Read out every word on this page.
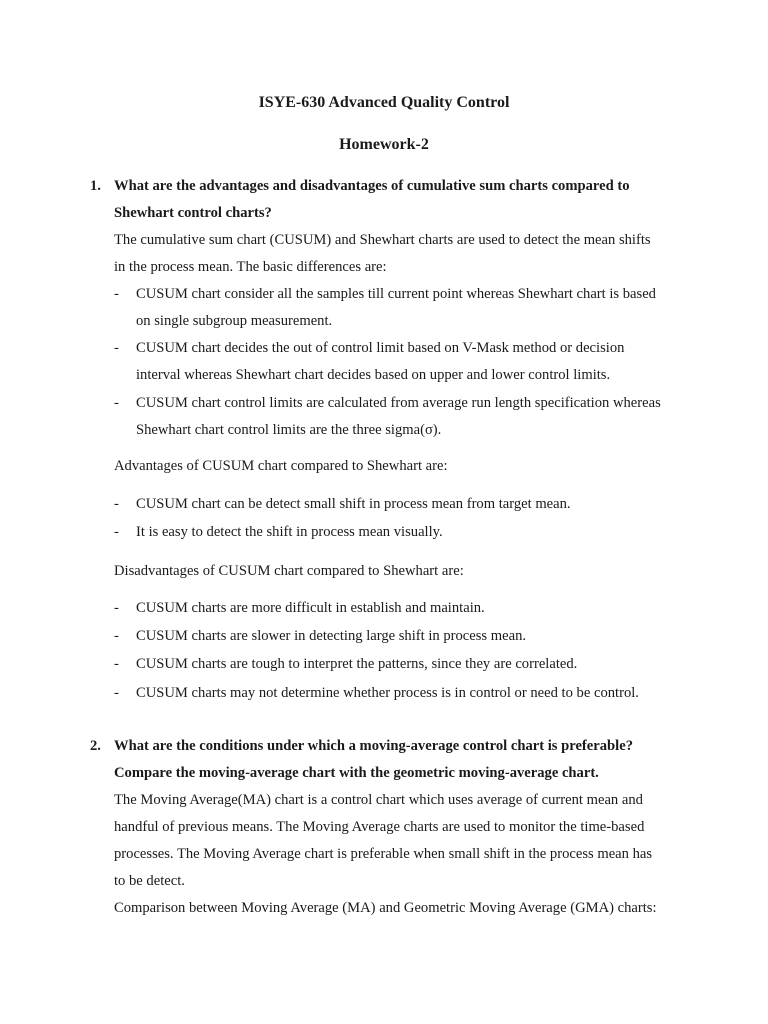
ISYE-630 Advanced Quality Control
Homework-2
1. What are the advantages and disadvantages of cumulative sum charts compared to
Shewhart control charts?
The cumulative sum chart (CUSUM) and Shewhart charts are used to detect the mean shifts
in the process mean. The basic differences are:
- CUSUM chart consider all the samples till current point whereas Shewhart chart is based
on single subgroup measurement.
- CUSUM chart decides the out of control limit based on V-Mask method or decision
interval whereas Shewhart chart decides based on upper and lower control limits.
- CUSUM chart control limits are calculated from average run length specification whereas
Shewhart chart control limits are the three sigma(σ).
Advantages of CUSUM chart compared to Shewhart are:
- CUSUM chart can be detect small shift in process mean from target mean.
- It is easy to detect the shift in process mean visually.
Disadvantages of CUSUM chart compared to Shewhart are:
- CUSUM charts are more difficult in establish and maintain.
- CUSUM charts are slower in detecting large shift in process mean.
- CUSUM charts are tough to interpret the patterns, since they are correlated.
- CUSUM charts may not determine whether process is in control or need to be control.
2. What are the conditions under which a moving-average control chart is preferable?
Compare the moving-average chart with the geometric moving-average chart.
The Moving Average(MA) chart is a control chart which uses average of current mean and
handful of previous means. The Moving Average charts are used to monitor the time-based
processes. The Moving Average chart is preferable when small shift in the process mean has
to be detect.
Comparison between Moving Average (MA) and Geometric Moving Average (GMA) charts:
